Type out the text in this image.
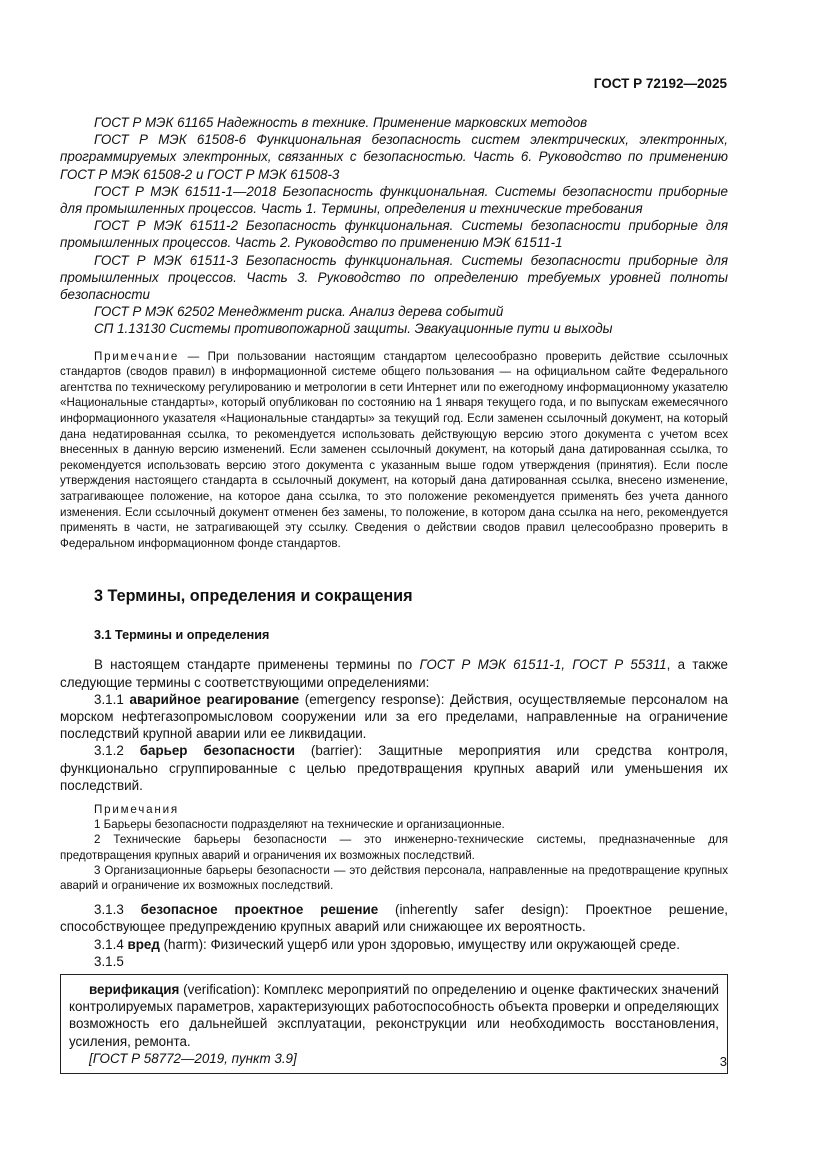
ГОСТ Р 72192—2025

ГОСТ Р МЭК 61165 Надежность в технике. Применение марковских методов

ГОСТ Р МЭК 61508-6 Функциональная безопасность систем электрических, электронных, программируемых электронных, связанных с безопасностью. Часть 6. Руководство по применению ГОСТ Р МЭК 61508-2 и ГОСТ Р МЭК 61508-3

ГОСТ Р МЭК 61511-1—2018 Безопасность функциональная. Системы безопасности приборные для промышленных процессов. Часть 1. Термины, определения и технические требования

ГОСТ Р МЭК 61511-2 Безопасность функциональная. Системы безопасности приборные для промышленных процессов. Часть 2. Руководство по применению МЭК 61511-1

ГОСТ Р МЭК 61511-3 Безопасность функциональная. Системы безопасности приборные для промышленных процессов. Часть 3. Руководство по определению требуемых уровней полноты безопасности

ГОСТ Р МЭК 62502 Менеджмент риска. Анализ дерева событий

СП 1.13130 Системы противопожарной защиты. Эвакуационные пути и выходы

Примечание — При пользовании настоящим стандартом целесообразно проверить действие ссылочных стандартов (сводов правил) в информационной системе общего пользования — на официальном сайте Федерального агентства по техническому регулированию и метрологии в сети Интернет или по ежегодному информационному указателю «Национальные стандарты», который опубликован по состоянию на 1 января текущего года, и по выпускам ежемесячного информационного указателя «Национальные стандарты» за текущий год. Если заменен ссылочный документ, на который дана недатированная ссылка, то рекомендуется использовать действующую версию этого документа с учетом всех внесенных в данную версию изменений. Если заменен ссылочный документ, на который дана датированная ссылка, то рекомендуется использовать версию этого документа с указанным выше годом утверждения (принятия). Если после утверждения настоящего стандарта в ссылочный документ, на который дана датированная ссылка, внесено изменение, затрагивающее положение, на которое дана ссылка, то это положение рекомендуется применять без учета данного изменения. Если ссылочный документ отменен без замены, то положение, в котором дана ссылка на него, рекомендуется применять в части, не затрагивающей эту ссылку. Сведения о действии сводов правил целесообразно проверить в Федеральном информационном фонде стандартов.

3 Термины, определения и сокращения
3.1 Термины и определения

В настоящем стандарте применены термины по ГОСТ Р МЭК 61511-1, ГОСТ Р 55311, а также следующие термины с соответствующими определениями:

3.1.1 аварийное реагирование (emergency response): Действия, осуществляемые персоналом на морском нефтегазопромысловом сооружении или за его пределами, направленные на ограничение последствий крупной аварии или ее ликвидации.

3.1.2 барьер безопасности (barrier): Защитные мероприятия или средства контроля, функционально сгруппированные с целью предотвращения крупных аварий или уменьшения их последствий.

Примечания

1 Барьеры безопасности подразделяют на технические и организационные.

2 Технические барьеры безопасности — это инженерно-технические системы, предназначенные для предотвращения крупных аварий и ограничения их возможных последствий.

3 Организационные барьеры безопасности — это действия персонала, направленные на предотвращение крупных аварий и ограничение их возможных последствий.

3.1.3 безопасное проектное решение (inherently safer design): Проектное решение, способствующее предупреждению крупных аварий или снижающее их вероятность.

3.1.4 вред (harm): Физический ущерб или урон здоровью, имуществу или окружающей среде.

3.1.5

верификация (verification): Комплекс мероприятий по определению и оценке фактических значений контролируемых параметров, характеризующих работоспособность объекта проверки и определяющих возможность его дальнейшей эксплуатации, реконструкции или необходимость восстановления, усиления, ремонта.

[ГОСТ Р 58772—2019, пункт 3.9]	3
